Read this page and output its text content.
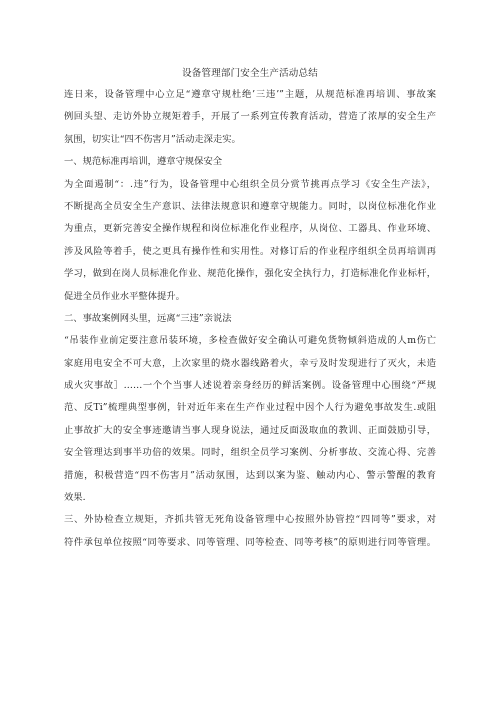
设备管理部门安全生产活动总结
连日来，设备管理中心立足“遵章守规杜绝’三违’”主题，从规范标准再培训、事故案
例回头望、走访外协立规矩着手，开展了一系列宣传教育活动，营造了浓厚的安全生产
氛围，切实让“四不伤害月”活动走深走实。
一、规范标准再培训，遵章守规保安全
为全面遏制“：.违”行为，设备管理中心组织全员分赏节挑再点学习《安全生产法》，
不断提高全员安全生产意识、法律法规意识和遵章守规能力。同时，以岗位标准化作业
为重点，更新完善安全操作规程和岗位标准化作业程序，从岗位、工器具、作业环境、
涉及风险等着手，使之更具有操作性和实用性。对修订后的作业程序组织全员再培训再
学习，做到在岗人员标准化作业、规范化操作，强化安全执行力，打造标准化作业标杆，
促进全员作业水平整体提升。
二、事故案例网头里，远离“三违”亲说法
“吊装作业前定要注意吊装环境，多检查做好安全确认可避免货物倾斜造成的人m伤亡
家庭用电安全不可大意，上次家里的烧水器线路着火，幸亏及时发现进行了灭火，未造
成火灾事故］……一个个当事人述说着亲身经历的鲜活案例。设备管理中心围绕“严规
范、反Ti”梳理典型事例，针对近年来在生产作业过程中因个人行为避免事故发生.或阻
止事故扩大的安全事迹邀请当事人现身说法，通过反面汲取血的教训、正面鼓励引导，
安全管理达到事半功倍的效果。同时，组织全员学习案例、分析事故、交流心得、完善
措施，积极营造“四不伤害月”活动氛围，达到以案为鉴、触动内心、警示警醒的教育
效果.
三、外协检查立规矩，齐抓共管无死角设备管理中心按照外协管控“四同等”要求，对
符件承包单位按照“同等要求、同等管理、同等检查、同等考核”的原则进行同等管理。
